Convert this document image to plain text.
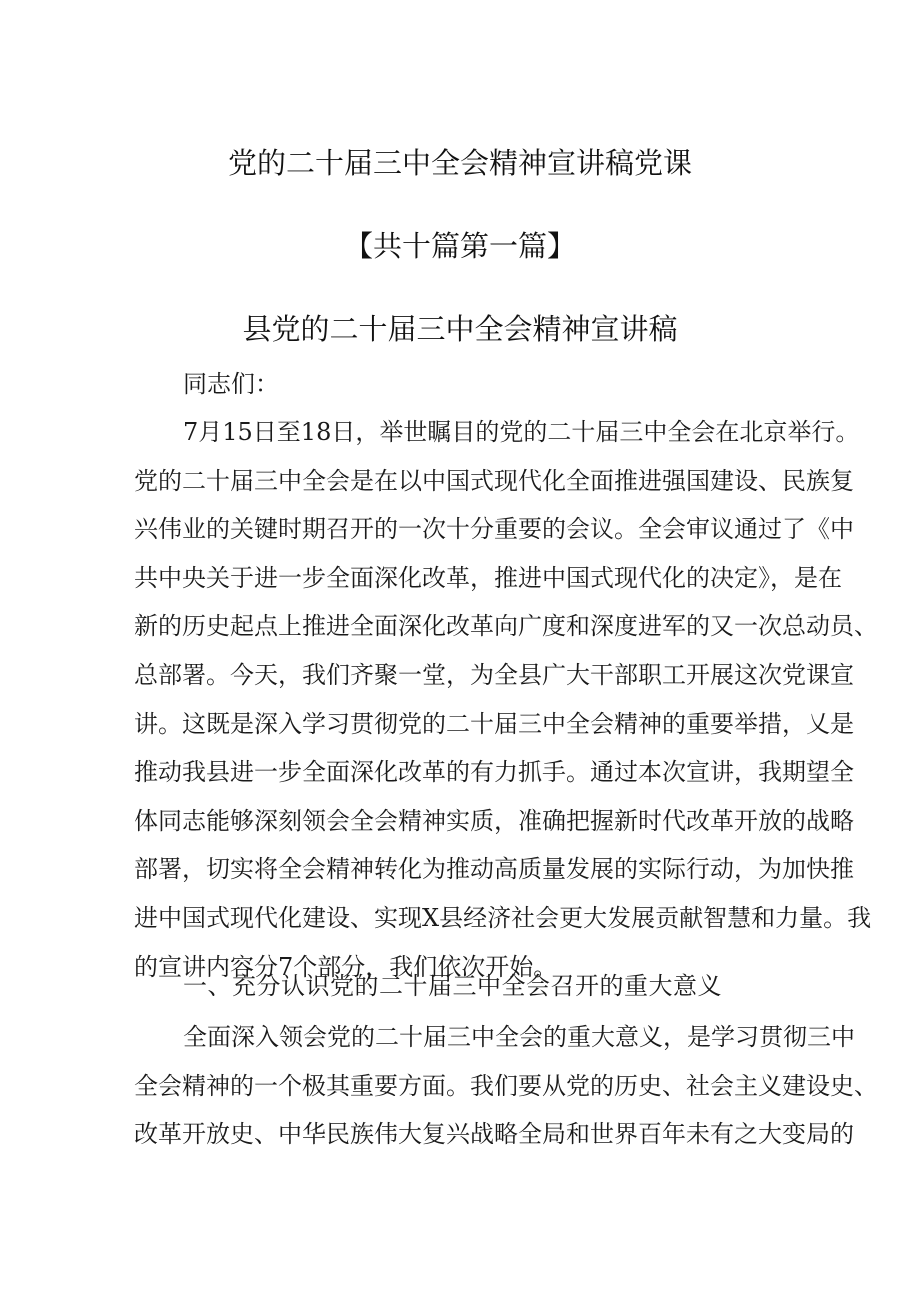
党的二十届三中全会精神宣讲稿党课
【共十篇第一篇】
县党的二十届三中全会精神宣讲稿

同志们：

7月15日至18日，举世瞩目的党的二十届三中全会在北京举行。
党的二十届三中全会是在以中国式现代化全面推进强国建设、民族复
兴伟业的关键时期召开的一次十分重要的会议。全会审议通过了《中
共中央关于进一步全面深化改革，推进中国式现代化的决定》，是在
新的历史起点上推进全面深化改革向广度和深度进军的又一次总动员、
总部署。今天，我们齐聚一堂，为全县广大干部职工开展这次党课宣
讲。这既是深入学习贯彻党的二十届三中全会精神的重要举措，乂是
推动我县进一步全面深化改革的有力抓手。通过本次宣讲，我期望全
体同志能够深刻领会全会精神实质，准确把握新时代改革开放的战略
部署，切实将全会精神转化为推动高质量发展的实际行动，为加快推
进中国式现代化建设、实现X县经济社会更大发展贡献智慧和力量。我
的宣讲内容分7个部分，我们依次开始。

一、充分认识党的二十届三中全会召开的重大意义

全面深入领会党的二十届三中全会的重大意义，是学习贯彻三中
全会精神的一个极其重要方面。我们要从党的历史、社会主义建设史、
改革开放史、中华民族伟大复兴战略全局和世界百年未有之大变局的
